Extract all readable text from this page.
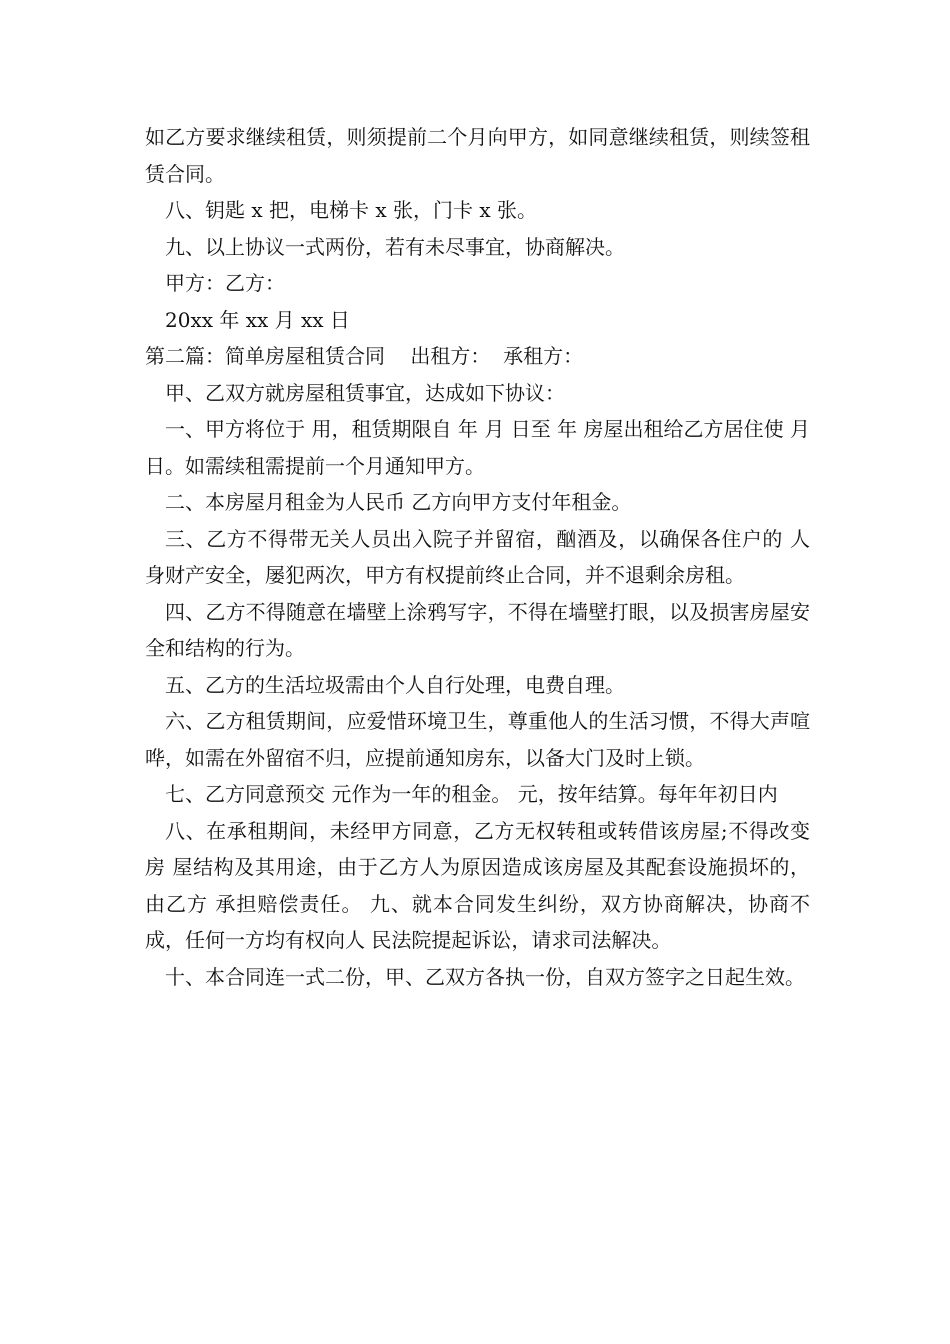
如乙方要求继续租赁，则须提前二个月向甲方，如同意继续租赁，则续签租赁合同。

八、钥匙 x 把，电梯卡 x 张，门卡 x 张。

九、以上协议一式两份，若有未尽事宜，协商解决。

甲方：乙方：

20xx 年 xx 月 xx 日

第二篇：简单房屋租赁合同    出租方：  承租方：

甲、乙双方就房屋租赁事宜，达成如下协议：

一、甲方将位于 用，租赁期限自 年 月 日至 年 房屋出租给乙方居住使 月 日。如需续租需提前一个月通知甲方。

二、本房屋月租金为人民币 乙方向甲方支付年租金。

三、乙方不得带无关人员出入院子并留宿，酗酒及，以确保各住户的 人身财产安全，屡犯两次，甲方有权提前终止合同，并不退剩余房租。

四、乙方不得随意在墙壁上涂鸦写字，不得在墙壁打眼，以及损害房屋安 全和结构的行为。

五、乙方的生活垃圾需由个人自行处理，电费自理。

六、乙方租赁期间，应爱惜环境卫生，尊重他人的生活习惯，不得大声喧 哗，如需在外留宿不归，应提前通知房东，以备大门及时上锁。

七、乙方同意预交 元作为一年的租金。 元，按年结算。每年年初日内

八、在承租期间，未经甲方同意，乙方无权转租或转借该房屋;不得改变房 屋结构及其用途，由于乙方人为原因造成该房屋及其配套设施损坏的，由乙方 承担赔偿责任。 九、就本合同发生纠纷，双方协商解决，协商不成，任何一方均有权向人 民法院提起诉讼，请求司法解决。

十、本合同连一式二份，甲、乙双方各执一份，自双方签字之日起生效。
